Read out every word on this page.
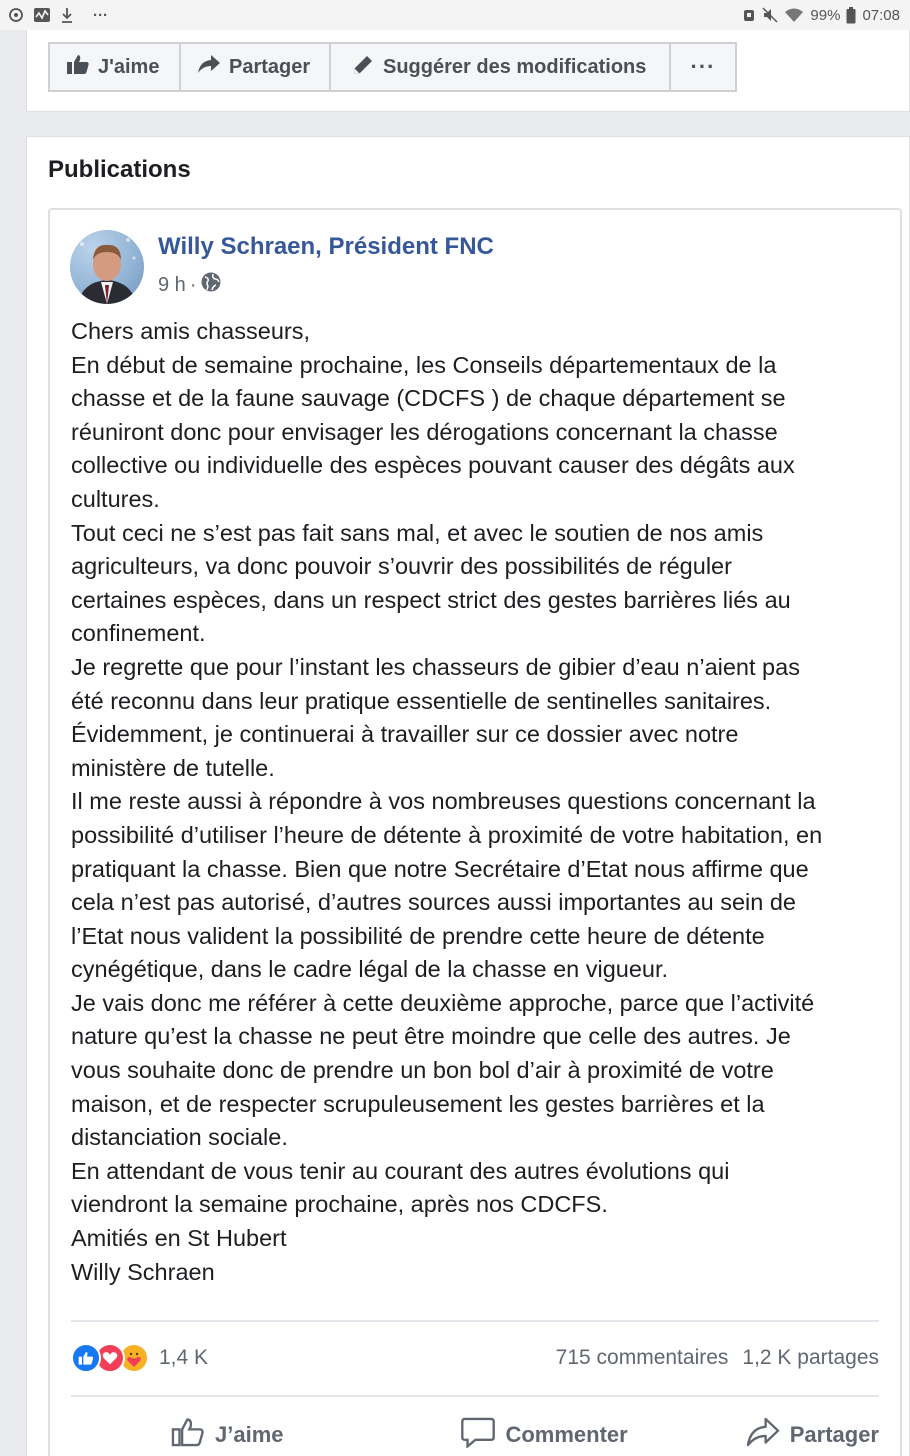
···	99% 07:08
J'aime	Partager	Suggérer des modifications ···
Publications
Willy Schraen, Président FNC
9 h ·

Chers amis chasseurs,

En début de semaine prochaine, les Conseils départementaux de la

chasse et de la faune sauvage (CDCFS ) de chaque département se

réuniront donc pour envisager les dérogations concernant la chasse

collective ou individuelle des espèces pouvant causer des dégâts aux

cultures.

Tout ceci ne s’est pas fait sans mal, et avec le soutien de nos amis

agriculteurs, va donc pouvoir s’ouvrir des possibilités de réguler

certaines espèces, dans un respect strict des gestes barrières liés au

confinement.

Je regrette que pour l’instant les chasseurs de gibier d’eau n’aient pas

été reconnu dans leur pratique essentielle de sentinelles sanitaires.

Évidemment, je continuerai à travailler sur ce dossier avec notre

ministère de tutelle.

Il me reste aussi à répondre à vos nombreuses questions concernant la

possibilité d’utiliser l’heure de détente à proximité de votre habitation, en

pratiquant la chasse. Bien que notre Secrétaire d’Etat nous affirme que

cela n’est pas autorisé, d’autres sources aussi importantes au sein de

l’Etat nous valident la possibilité de prendre cette heure de détente

cynégétique, dans le cadre légal de la chasse en vigueur.

Je vais donc me référer à cette deuxième approche, parce que l’activité

nature qu’est la chasse ne peut être moindre que celle des autres. Je

vous souhaite donc de prendre un bon bol d’air à proximité de votre

maison, et de respecter scrupuleusement les gestes barrières et la

distanciation sociale.

En attendant de vous tenir au courant des autres évolutions qui

viendront la semaine prochaine, après nos CDCFS.

Amitiés en St Hubert

Willy Schraen

1,4 K	715 commentaires 1,2 K partages
J’aime	Commenter	Partager
